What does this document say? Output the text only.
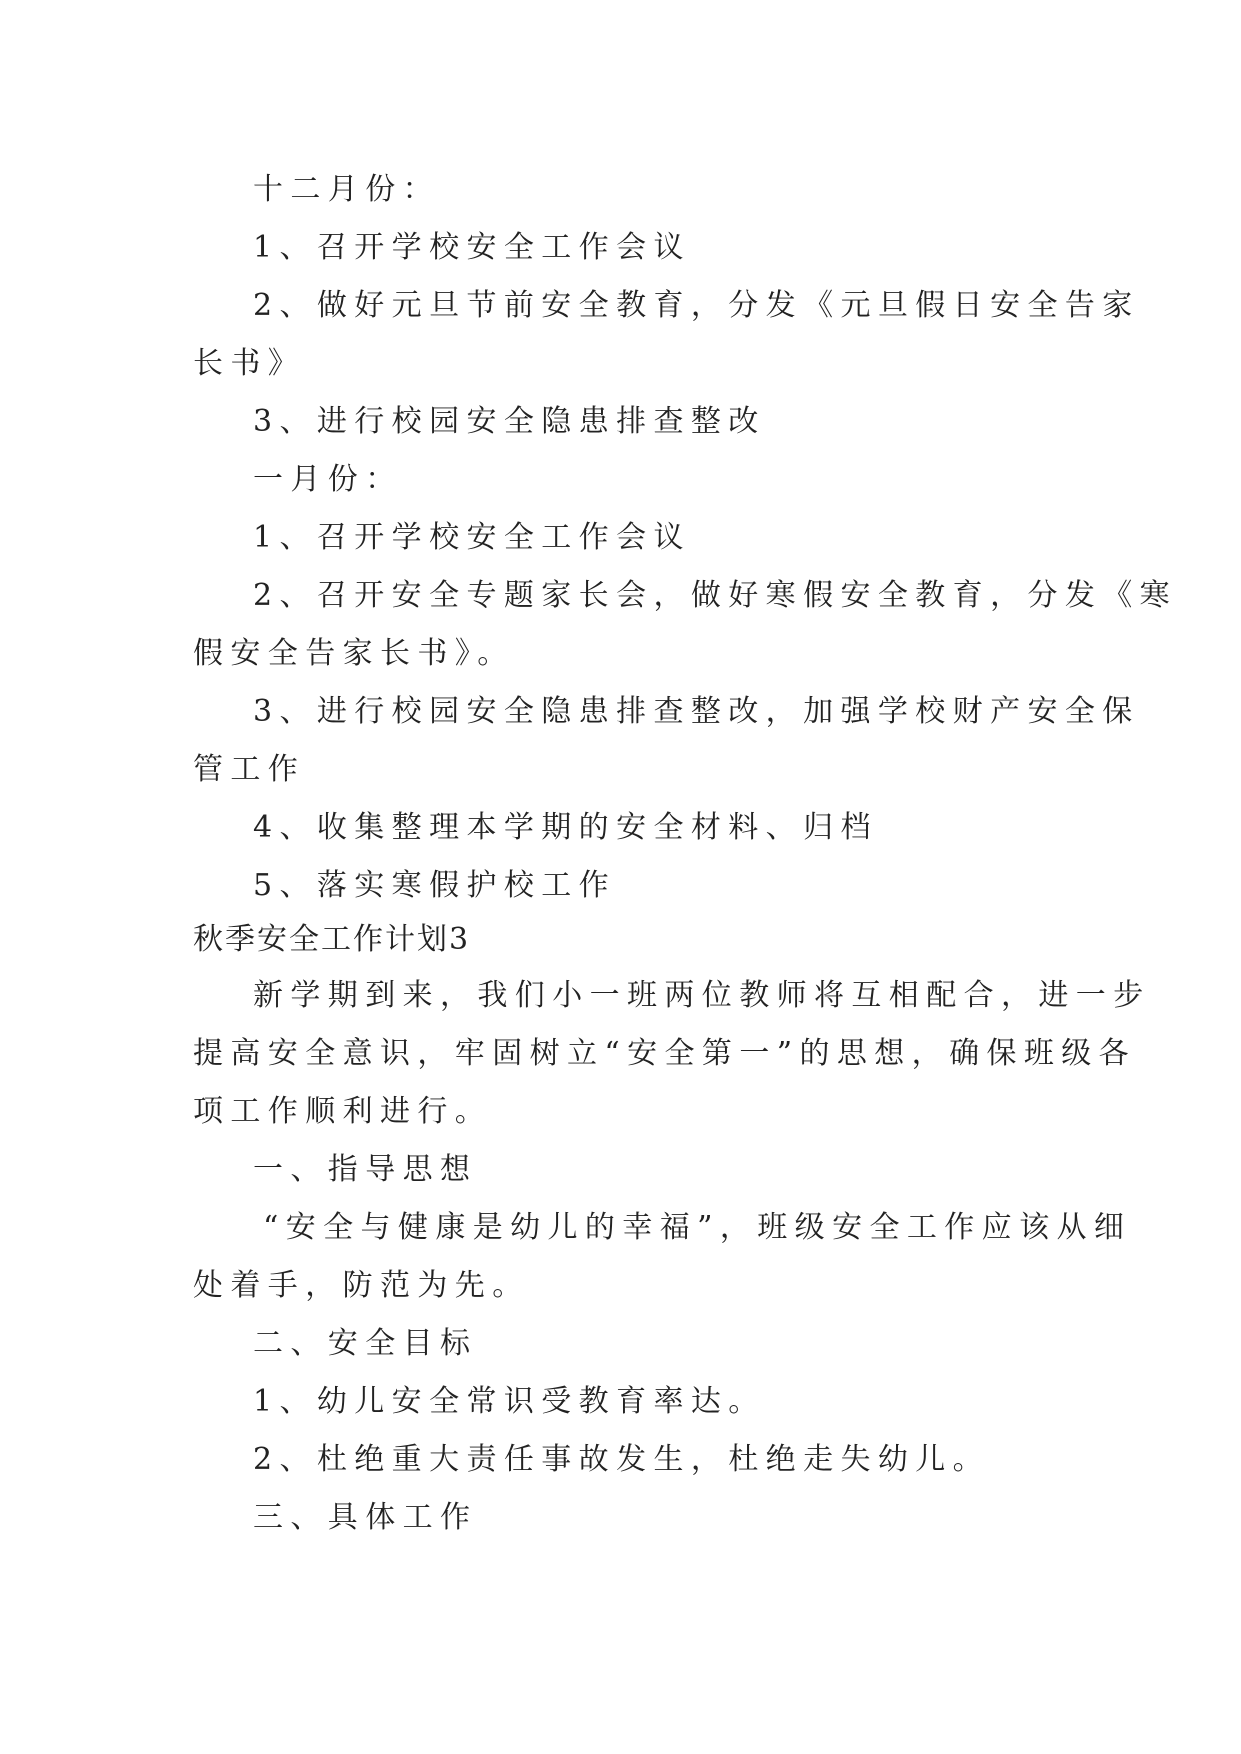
十二月份：
1、召开学校安全工作会议
2、做好元旦节前安全教育，分发《元旦假日安全告家
长书》
3、进行校园安全隐患排查整改
一月份：
1、召开学校安全工作会议
2、召开安全专题家长会，做好寒假安全教育，分发《寒
假安全告家长书》。
3、进行校园安全隐患排查整改，加强学校财产安全保
管工作
4、收集整理本学期的安全材料、归档
5、落实寒假护校工作
秋季安全工作计划3
新学期到来，我们小一班两位教师将互相配合，进一步
提高安全意识，牢固树立“安全第一”的思想，确保班级各
项工作顺利进行。
一、指导思想
“安全与健康是幼儿的幸福”，班级安全工作应该从细
处着手，防范为先。
二、安全目标
1、幼儿安全常识受教育率达。
2、杜绝重大责任事故发生，杜绝走失幼儿。
三、具体工作
